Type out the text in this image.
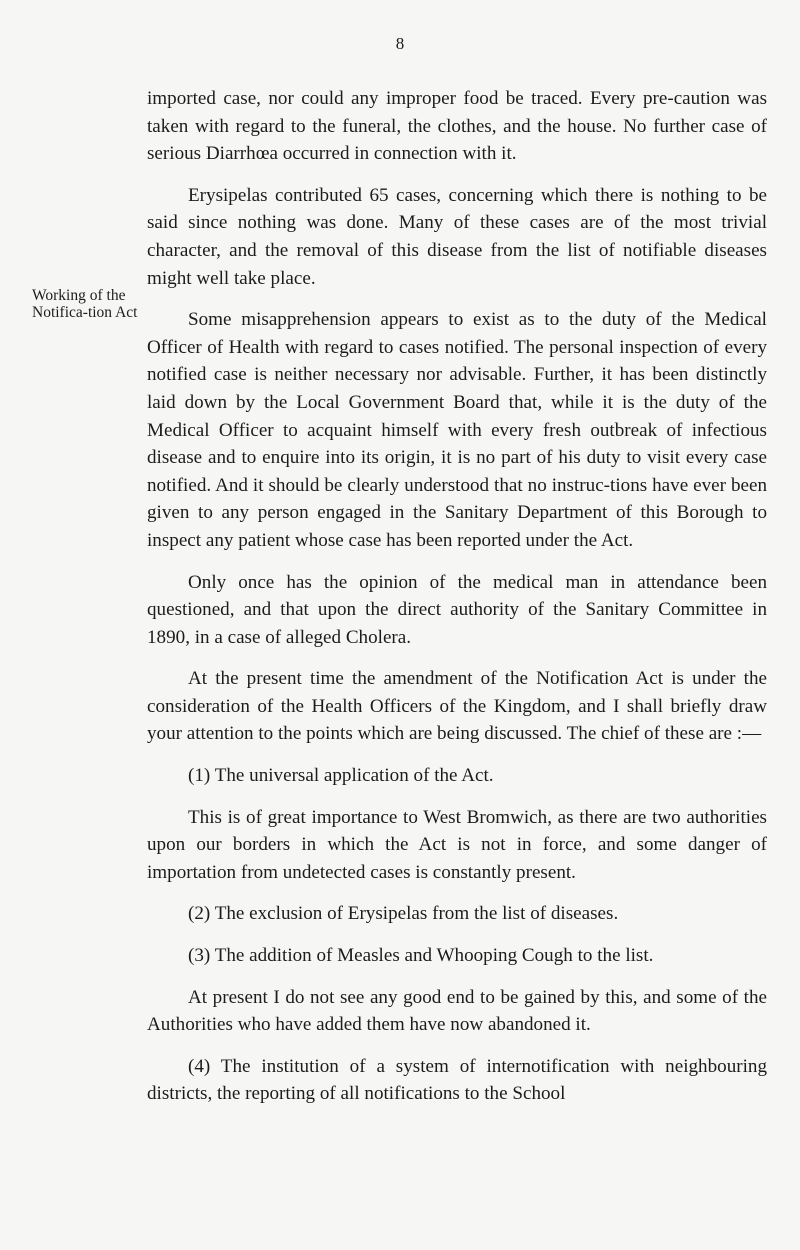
8
Working of the Notifica-tion Act

imported case, nor could any improper food be traced. Every pre-caution was taken with regard to the funeral, the clothes, and the house. No further case of serious Diarrhœa occurred in connection with it.

Erysipelas contributed 65 cases, concerning which there is nothing to be said since nothing was done. Many of these cases are of the most trivial character, and the removal of this disease from the list of notifiable diseases might well take place.

Some misapprehension appears to exist as to the duty of the Medical Officer of Health with regard to cases notified. The personal inspection of every notified case is neither necessary nor advisable. Further, it has been distinctly laid down by the Local Government Board that, while it is the duty of the Medical Officer to acquaint himself with every fresh outbreak of infectious disease and to enquire into its origin, it is no part of his duty to visit every case notified. And it should be clearly understood that no instruc-tions have ever been given to any person engaged in the Sanitary Department of this Borough to inspect any patient whose case has been reported under the Act.

Only once has the opinion of the medical man in attendance been questioned, and that upon the direct authority of the Sanitary Committee in 1890, in a case of alleged Cholera.

At the present time the amendment of the Notification Act is under the consideration of the Health Officers of the Kingdom, and I shall briefly draw your attention to the points which are being discussed. The chief of these are :—

(1) The universal application of the Act.

This is of great importance to West Bromwich, as there are two authorities upon our borders in which the Act is not in force, and some danger of importation from undetected cases is constantly present.

(2) The exclusion of Erysipelas from the list of diseases.

(3) The addition of Measles and Whooping Cough to the list.

At present I do not see any good end to be gained by this, and some of the Authorities who have added them have now abandoned it.

(4) The institution of a system of internotification with neighbouring districts, the reporting of all notifications to the School
